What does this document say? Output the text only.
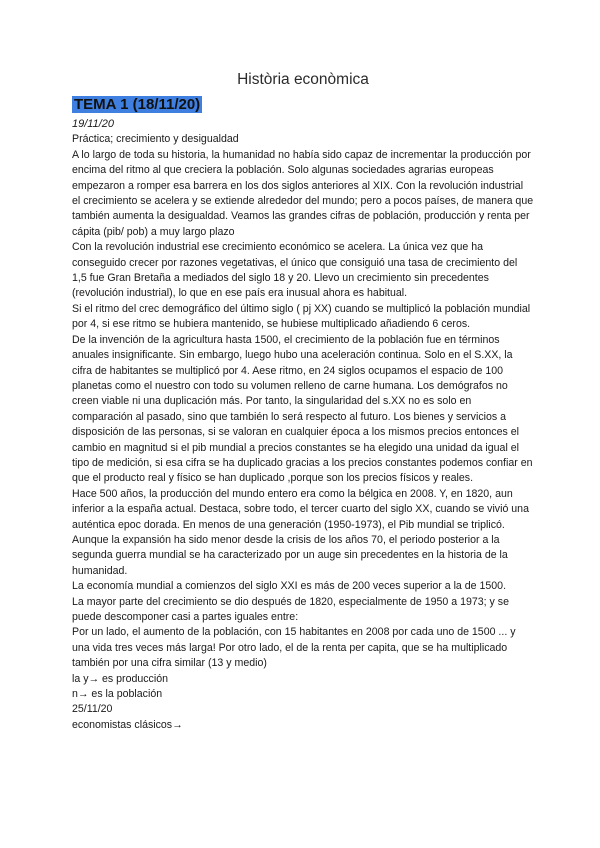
Història econòmica
TEMA 1 (18/11/20)
19/11/20

Práctica; crecimiento y desigualdad

A lo largo de toda su historia, la humanidad no había sido capaz de incrementar la producción por encima del ritmo al que creciera la población. Solo algunas sociedades agrarias europeas empezaron a romper esa barrera en los dos siglos anteriores al XIX. Con la revolución industrial el crecimiento se acelera y se extiende alrededor del mundo; pero a pocos países, de manera que también aumenta la desigualdad. Veamos las grandes cifras de población, producción y renta per cápita (pib/ pob) a muy largo plazo

Con la revolución industrial ese crecimiento económico se acelera. La única vez que ha conseguido crecer por razones vegetativas, el único que consiguió una tasa de crecimiento del 1,5 fue Gran Bretaña a mediados del siglo 18 y 20. Llevo un crecimiento sin precedentes (revolución industrial), lo que en ese país era inusual ahora es habitual.

Si el ritmo del crec demográfico del último siglo ( pj XX) cuando se multiplicó la población mundial por 4, si ese ritmo se hubiera mantenido, se hubiese multiplicado añadiendo 6 ceros.

De la invención de la agricultura hasta 1500, el crecimiento de la población fue en términos anuales insignificante. Sin embargo, luego hubo una aceleración continua. Solo en el S.XX, la cifra de habitantes se multiplicó por 4. Aese ritmo, en 24 siglos ocupamos el espacio de 100 planetas como el nuestro con todo su volumen relleno de carne humana. Los demógrafos no creen viable ni una duplicación más. Por tanto, la singularidad del s.XX no es solo en comparación al pasado, sino que también lo será respecto al futuro. Los bienes y servicios a disposición de las personas, si se valoran en cualquier época a los mismos precios entonces el cambio en magnitud si el pib mundial a precios constantes se ha elegido una unidad da igual el tipo de medición, si esa cifra se ha duplicado gracias a los precios constantes podemos confiar en que el producto real y físico se han duplicado ,porque son los precios físicos y reales.

Hace 500 años, la producción del mundo entero era como la bélgica en 2008. Y, en 1820, aun inferior a la españa actual. Destaca, sobre todo, el tercer cuarto del siglo XX, cuando se vivió una auténtica epoc dorada. En menos de una generación (1950-1973), el Pib mundial se triplicó.

Aunque la expansión ha sido menor desde la crisis de los años 70, el periodo posterior a la segunda guerra mundial se ha caracterizado por un auge sin precedentes en la historia de la humanidad.

La economía mundial a comienzos del siglo XXI es más de 200 veces superior a la de 1500.

La mayor parte del crecimiento se dio después de 1820, especialmente de 1950 a 1973; y se puede descomponer casi a partes iguales entre:

Por un lado, el aumento de la población, con 15 habitantes en 2008 por cada uno de 1500 ... y una vida tres veces más larga! Por otro lado, el de la renta per capita, que se ha multiplicado también por una cifra similar (13 y medio)

la y→ es producción

n→ es la población

25/11/20

economistas clásicos→
